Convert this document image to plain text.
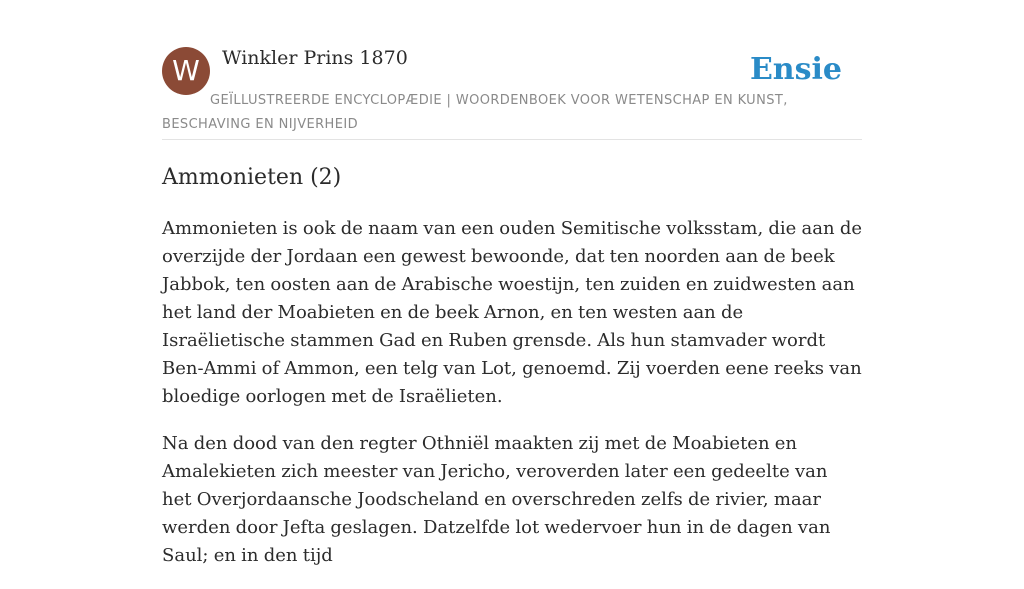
W	Winkler Prins 1870	Ensie
GEÏLLUSTREERDE ENCYCLOPÆDIE | WOORDENBOEK VOOR WETENSCHAP EN KUNST, BESCHAVING EN NIJVERHEID
Ammonieten (2)

Ammonieten is ook de naam van een ouden Semitische volksstam, die aan de overzijde der Jordaan een gewest bewoonde, dat ten noorden aan de beek Jabbok, ten oosten aan de Arabische woestijn, ten zuiden en zuidwesten aan het land der Moabieten en de beek Arnon, en ten westen aan de Israëlietische stammen Gad en Ruben grensde. Als hun stamvader wordt Ben-Ammi of Ammon, een telg van Lot, genoemd. Zij voerden eene reeks van bloedige oorlogen met de Israëlieten.

Na den dood van den regter Othniël maakten zij met de Moabieten en Amalekieten zich meester van Jericho, veroverden later een gedeelte van het Overjordaansche Joodscheland en overschreden zelfs de rivier, maar werden door Jefta geslagen. Datzelfde lot wedervoer hun in de dagen van Saul; en in den tijd
